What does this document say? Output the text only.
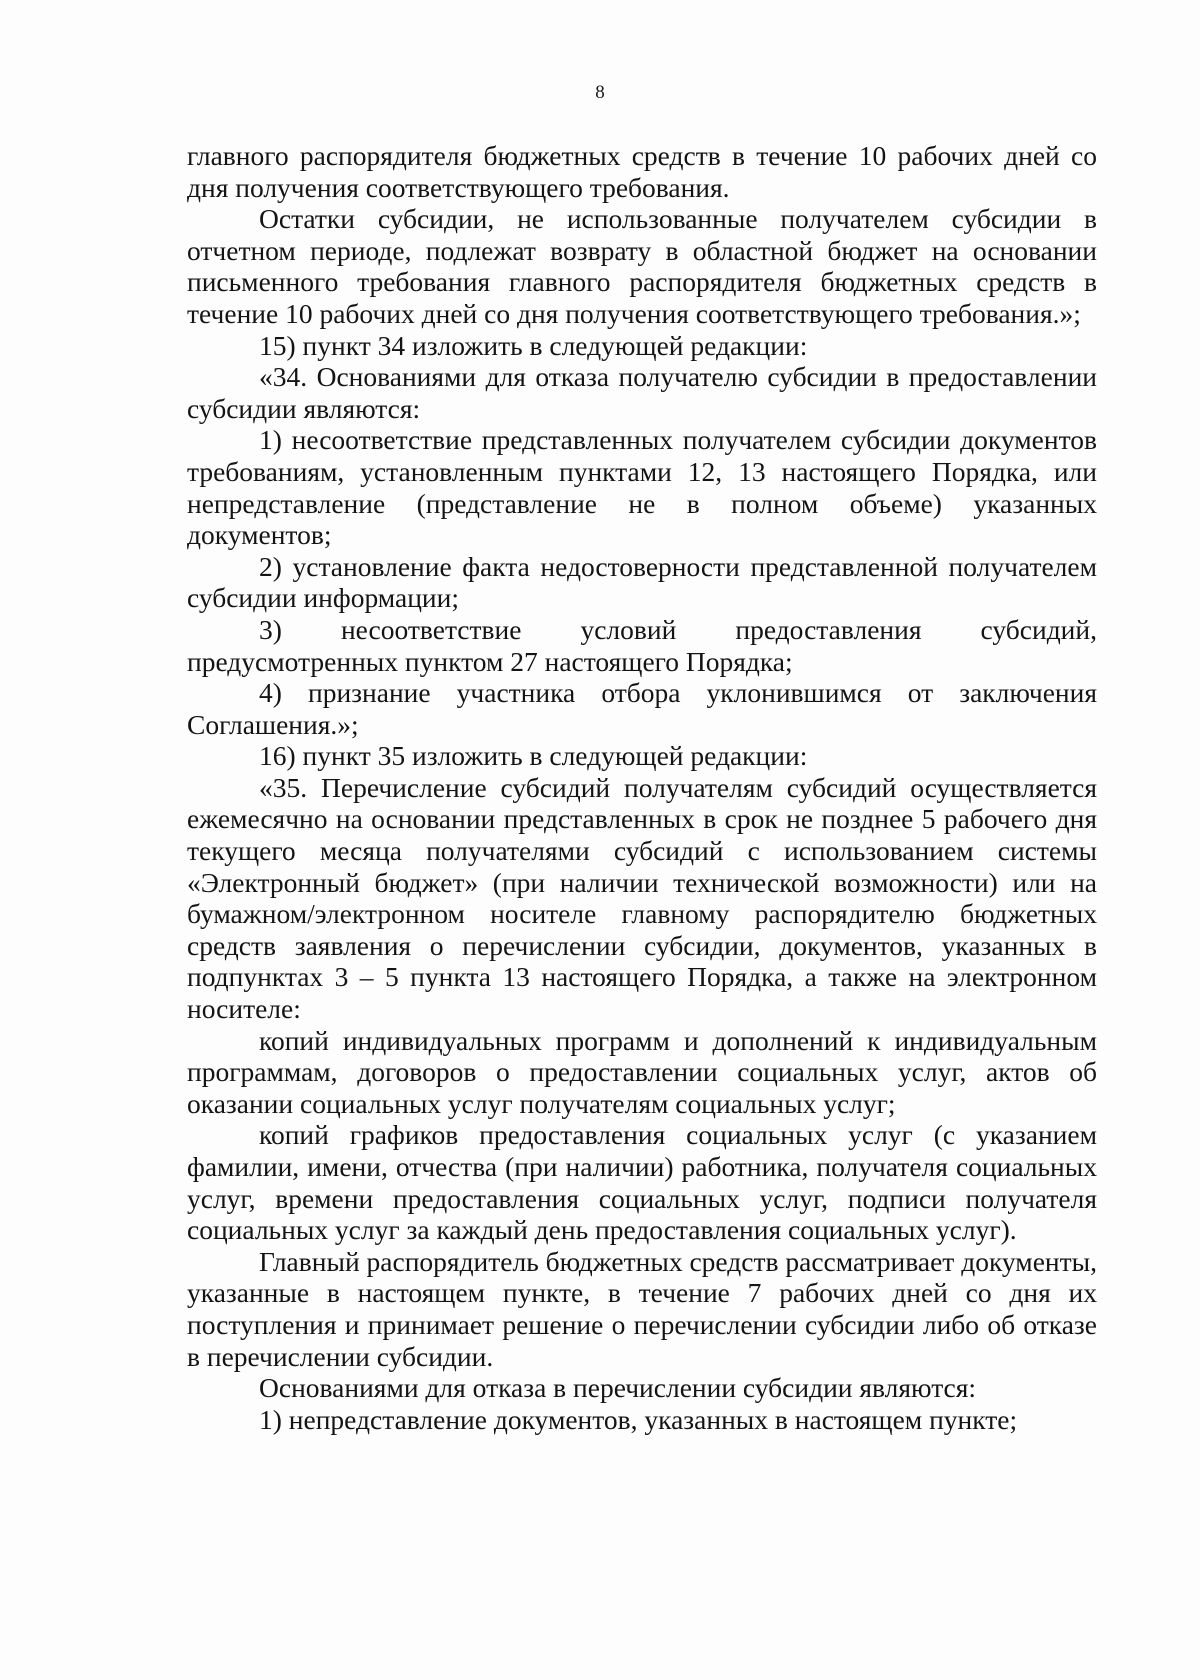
8

главного распорядителя бюджетных средств в течение 10 рабочих дней со дня получения соответствующего требования.

Остатки субсидии, не использованные получателем субсидии в отчетном периоде, подлежат возврату в областной бюджет на основании письменного требования главного распорядителя бюджетных средств в течение 10 рабочих дней со дня получения соответствующего требования.»;

15) пункт 34 изложить в следующей редакции:

«34. Основаниями для отказа получателю субсидии в предоставлении субсидии являются:

1) несоответствие представленных получателем субсидии документов требованиям, установленным пунктами 12, 13 настоящего Порядка, или непредставление (представление не в полном объеме) указанных документов;

2) установление факта недостоверности представленной получателем субсидии информации;

3) несоответствие условий предоставления субсидий, предусмотренных пунктом 27 настоящего Порядка;

4) признание участника отбора уклонившимся от заключения Соглашения.»;

16) пункт 35 изложить в следующей редакции:

«35. Перечисление субсидий получателям субсидий осуществляется ежемесячно на основании представленных в срок не позднее 5 рабочего дня текущего месяца получателями субсидий с использованием системы «Электронный бюджет» (при наличии технической возможности) или на бумажном/электронном носителе главному распорядителю бюджетных средств заявления о перечислении субсидии, документов, указанных в подпунктах 3 – 5 пункта 13 настоящего Порядка, а также на электронном носителе:

копий индивидуальных программ и дополнений к индивидуальным программам, договоров о предоставлении социальных услуг, актов об оказании социальных услуг получателям социальных услуг;

копий графиков предоставления социальных услуг (с указанием фамилии, имени, отчества (при наличии) работника, получателя социальных услуг, времени предоставления социальных услуг, подписи получателя социальных услуг за каждый день предоставления социальных услуг).

Главный распорядитель бюджетных средств рассматривает документы, указанные в настоящем пункте, в течение 7 рабочих дней со дня их поступления и принимает решение о перечислении субсидии либо об отказе в перечислении субсидии.

Основаниями для отказа в перечислении субсидии являются:

1) непредставление документов, указанных в настоящем пункте;
